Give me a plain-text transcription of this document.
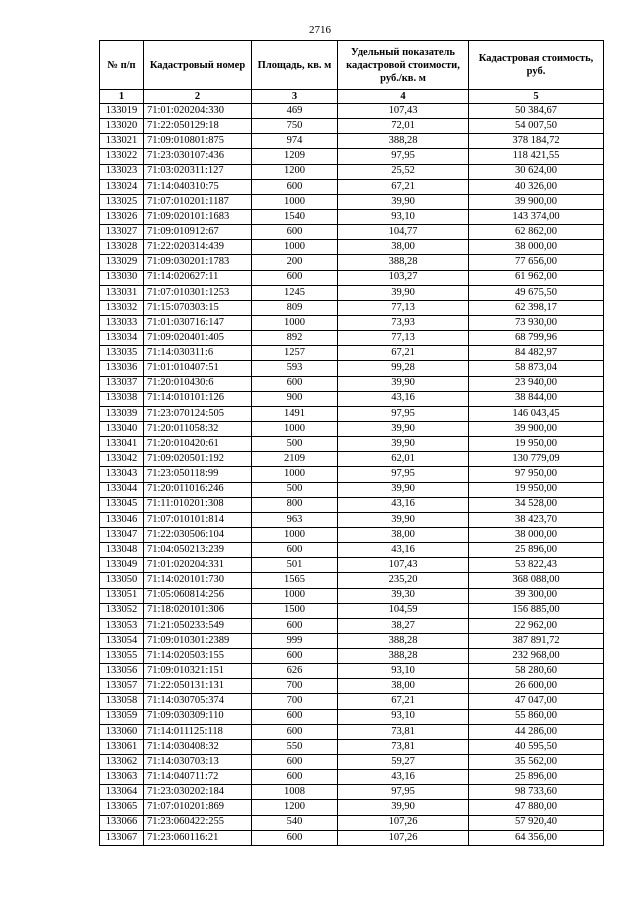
2716
№ п/п	Кадастровый номер	Площадь, кв. м	Удельный показатель кадастровой стоимости, руб./кв. м	Кадастровая стоимость, руб.
1	2	3	4	5
133019	71:01:020204:330	469	107,43	50 384,67
133020	71:22:050129:18	750	72,01	54 007,50
133021	71:09:010801:875	974	388,28	378 184,72
133022	71:23:030107:436	1209	97,95	118 421,55
133023	71:03:020311:127	1200	25,52	30 624,00
133024	71:14:040310:75	600	67,21	40 326,00
133025	71:07:010201:1187	1000	39,90	39 900,00
133026	71:09:020101:1683	1540	93,10	143 374,00
133027	71:09:010912:67	600	104,77	62 862,00
133028	71:22:020314:439	1000	38,00	38 000,00
133029	71:09:030201:1783	200	388,28	77 656,00
133030	71:14:020627:11	600	103,27	61 962,00
133031	71:07:010301:1253	1245	39,90	49 675,50
133032	71:15:070303:15	809	77,13	62 398,17
133033	71:01:030716:147	1000	73,93	73 930,00
133034	71:09:020401:405	892	77,13	68 799,96
133035	71:14:030311:6	1257	67,21	84 482,97
133036	71:01:010407:51	593	99,28	58 873,04
133037	71:20:010430:6	600	39,90	23 940,00
133038	71:14:010101:126	900	43,16	38 844,00
133039	71:23:070124:505	1491	97,95	146 043,45
133040	71:20:011058:32	1000	39,90	39 900,00
133041	71:20:010420:61	500	39,90	19 950,00
133042	71:09:020501:192	2109	62,01	130 779,09
133043	71:23:050118:99	1000	97,95	97 950,00
133044	71:20:011016:246	500	39,90	19 950,00
133045	71:11:010201:308	800	43,16	34 528,00
133046	71:07:010101:814	963	39,90	38 423,70
133047	71:22:030506:104	1000	38,00	38 000,00
133048	71:04:050213:239	600	43,16	25 896,00
133049	71:01:020204:331	501	107,43	53 822,43
133050	71:14:020101:730	1565	235,20	368 088,00
133051	71:05:060814:256	1000	39,30	39 300,00
133052	71:18:020101:306	1500	104,59	156 885,00
133053	71:21:050233:549	600	38,27	22 962,00
133054	71:09:010301:2389	999	388,28	387 891,72
133055	71:14:020503:155	600	388,28	232 968,00
133056	71:09:010321:151	626	93,10	58 280,60
133057	71:22:050131:131	700	38,00	26 600,00
133058	71:14:030705:374	700	67,21	47 047,00
133059	71:09:030309:110	600	93,10	55 860,00
133060	71:14:011125:118	600	73,81	44 286,00
133061	71:14:030408:32	550	73,81	40 595,50
133062	71:14:030703:13	600	59,27	35 562,00
133063	71:14:040711:72	600	43,16	25 896,00
133064	71:23:030202:184	1008	97,95	98 733,60
133065	71:07:010201:869	1200	39,90	47 880,00
133066	71:23:060422:255	540	107,26	57 920,40
133067	71:23:060116:21	600	107,26	64 356,00
